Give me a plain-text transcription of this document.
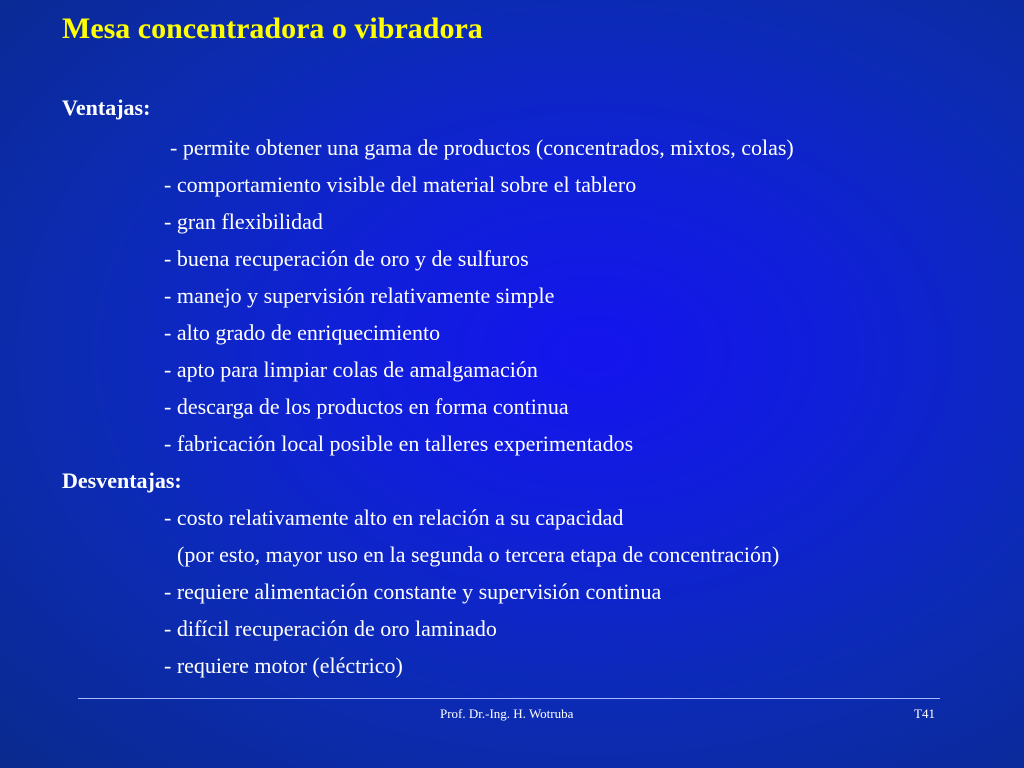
Mesa concentradora o vibradora
Ventajas:
- permite obtener una gama de productos (concentrados, mixtos, colas)
- comportamiento visible del material sobre el tablero
- gran flexibilidad
- buena recuperación de oro y de sulfuros
- manejo y supervisión relativamente simple
- alto grado de enriquecimiento
- apto para limpiar colas de amalgamación
- descarga de los productos en forma continua
- fabricación local posible en talleres experimentados
Desventajas:
- costo relativamente alto en relación a su capacidad
(por esto, mayor uso en la segunda o tercera etapa de concentración)
- requiere alimentación constante y supervisión continua
- difícil recuperación de oro laminado
- requiere motor (eléctrico)
Prof. Dr.-Ing. H. Wotruba	T41
